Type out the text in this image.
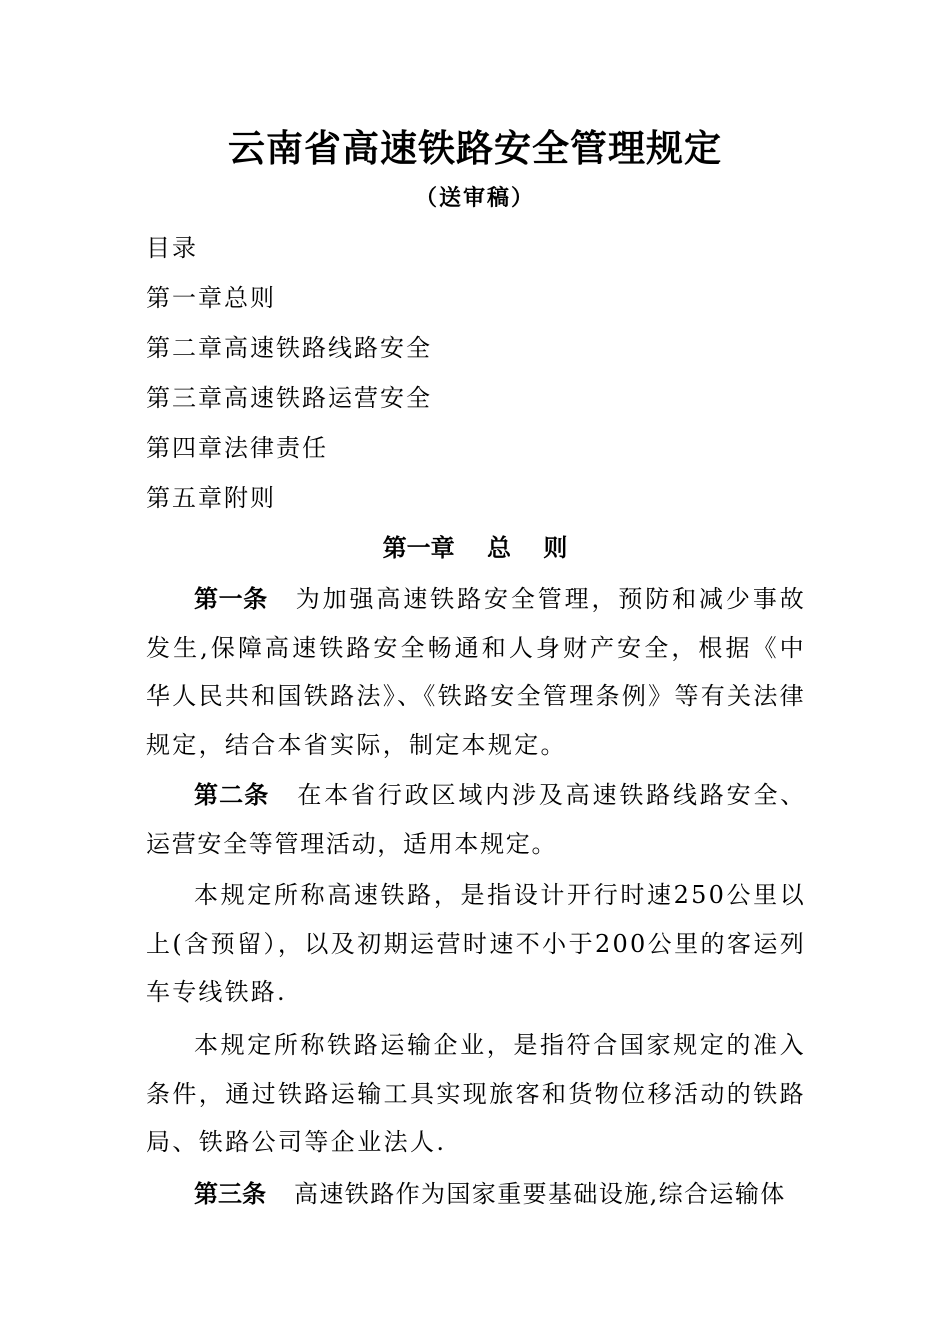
云南省高速铁路安全管理规定
（送审稿）
目录
第一章总则
第二章高速铁路线路安全
第三章高速铁路运营安全
第四章法律责任
第五章附则
第一章　 总　 则

第一条 为加强高速铁路安全管理，预防和减少事故发生,保障高速铁路安全畅通和人身财产安全，根据《中华人民共和国铁路法》、《铁路安全管理条例》等有关法律规定，结合本省实际，制定本规定。

第二条 在本省行政区域内涉及高速铁路线路安全、运营安全等管理活动，适用本规定。

本规定所称高速铁路，是指设计开行时速250公里以上(含预留），以及初期运营时速不小于200公里的客运列车专线铁路.

本规定所称铁路运输企业，是指符合国家规定的准入条件，通过铁路运输工具实现旅客和货物位移活动的铁路局、铁路公司等企业法人.

第三条 高速铁路作为国家重要基础设施,综合运输体
